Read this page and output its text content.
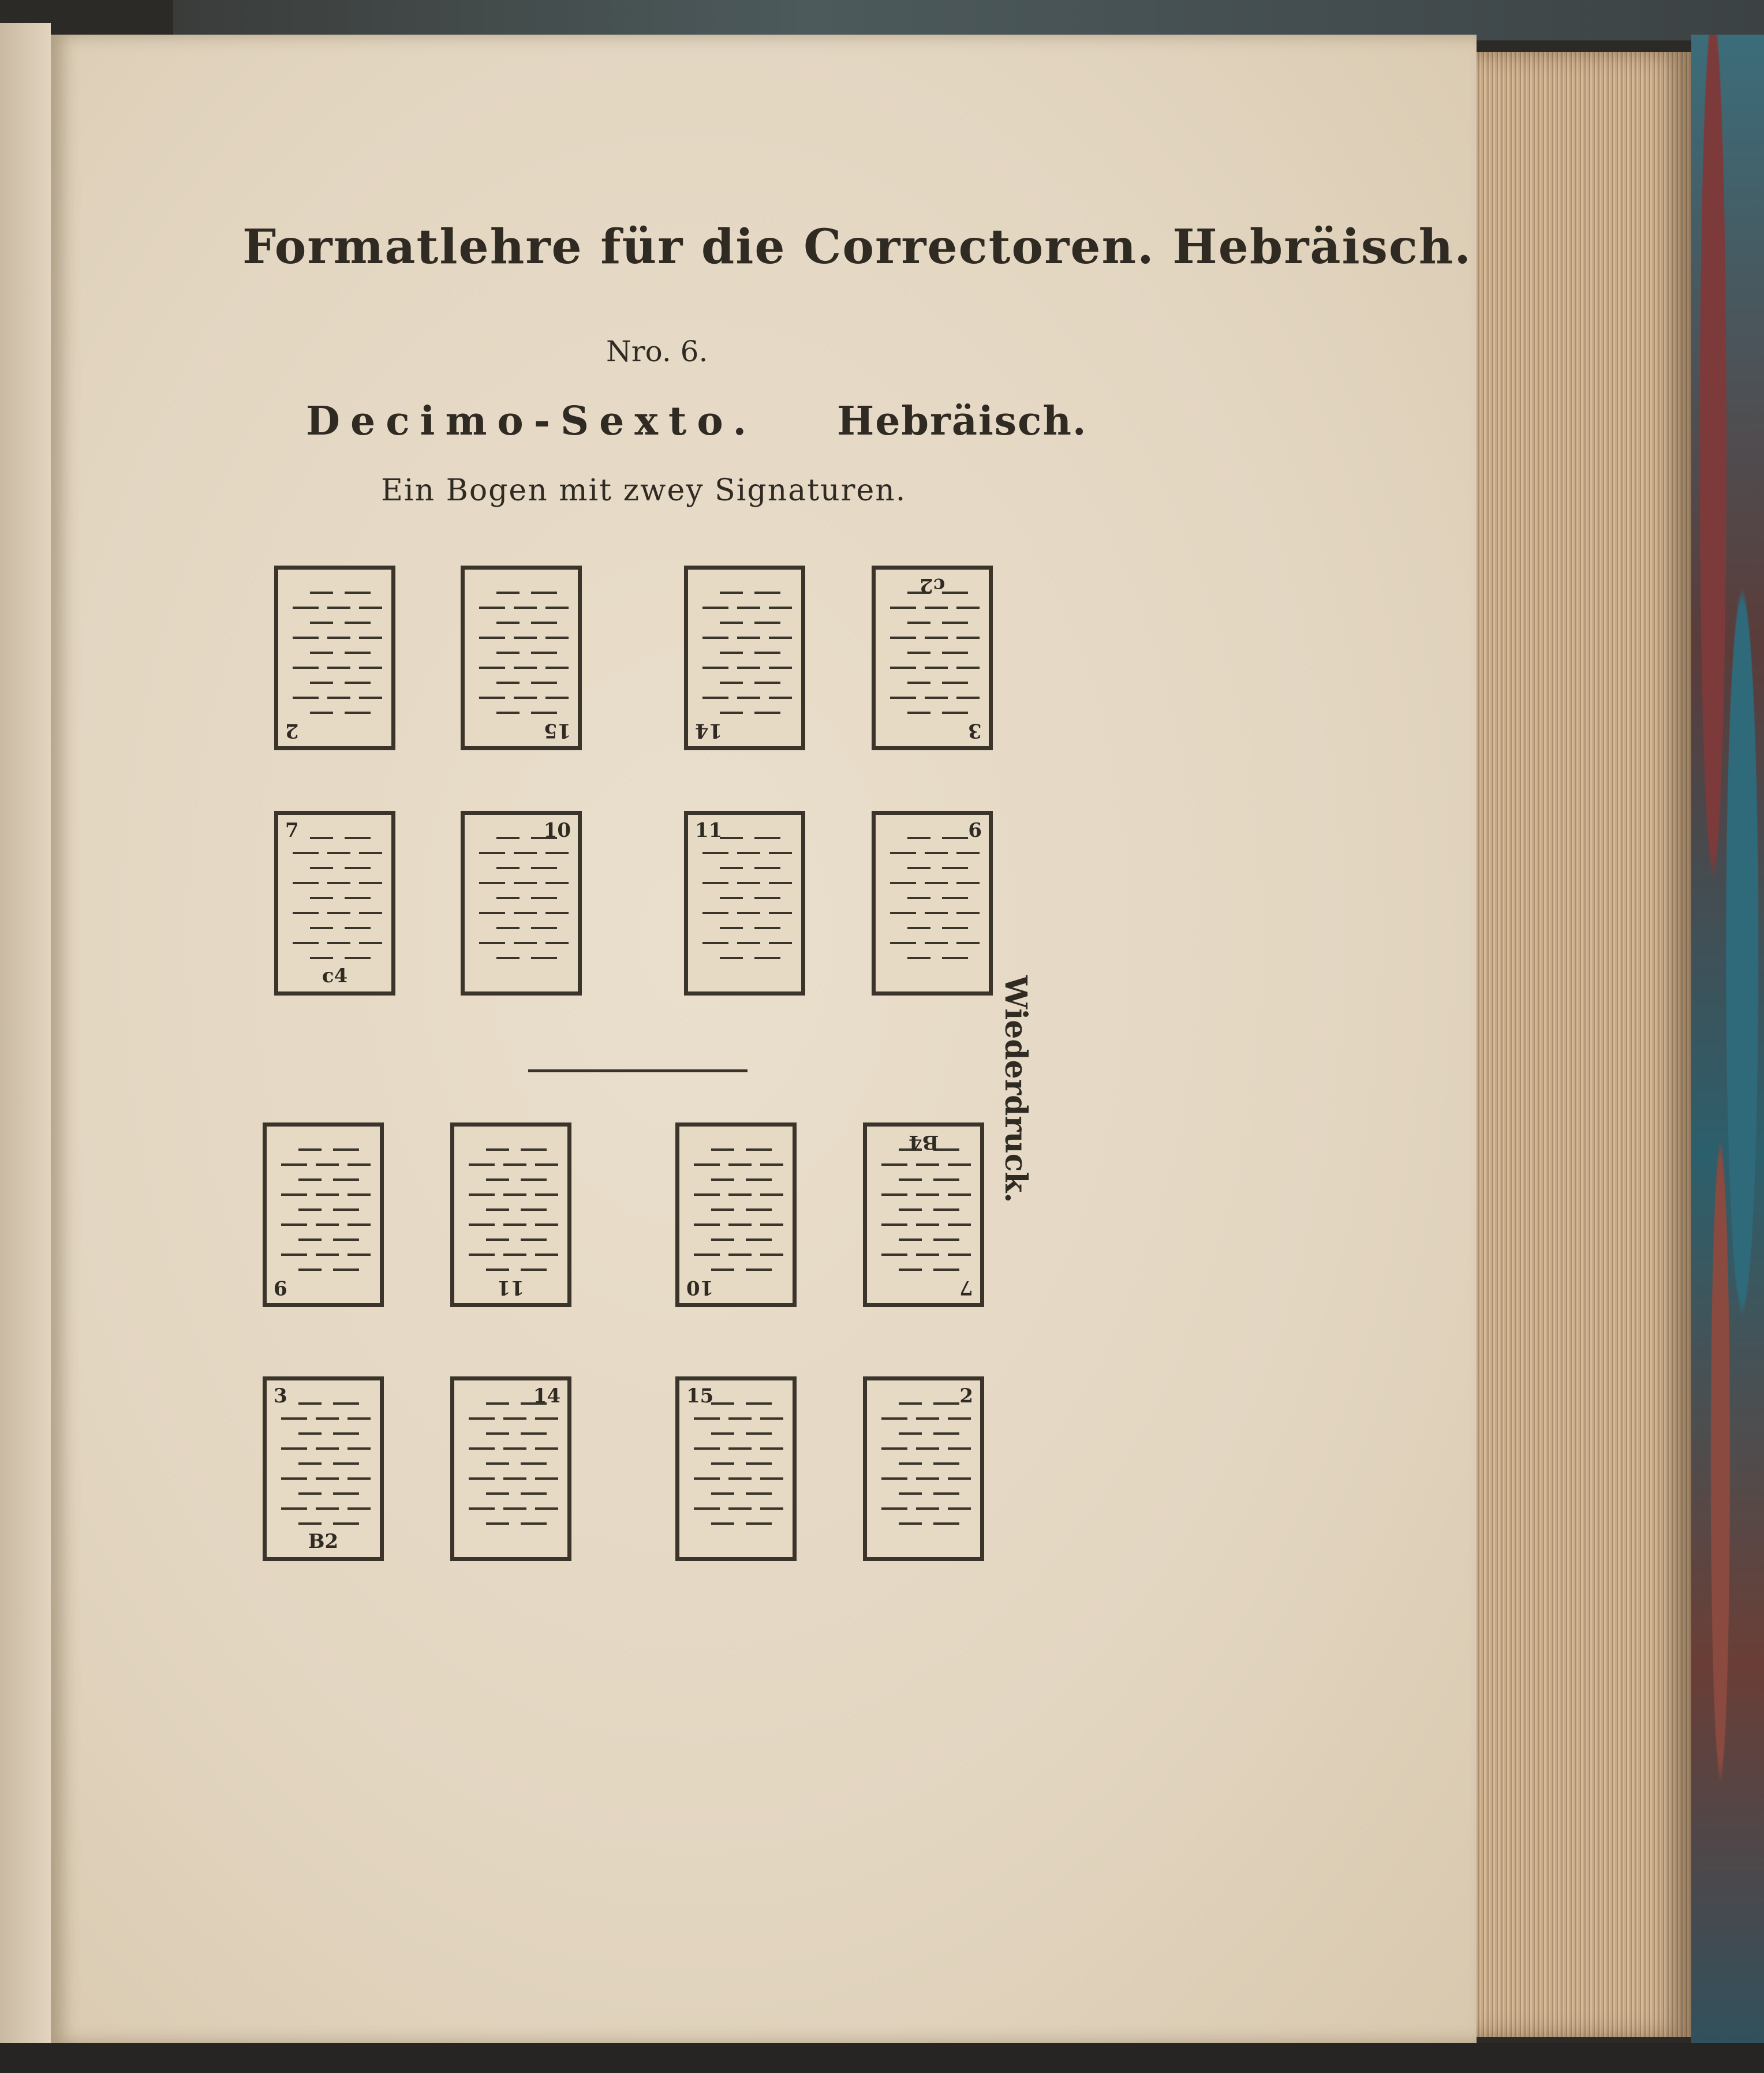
Formatlehre für die Correctoren. Hebräisch.
Nro. 6.
Decimo-Sexto. Hebräisch.
Ein Bogen mit zwey Signaturen.
Wiederdruck.
2	15	14
c2
3
7
c4
10	11	6
9	11	10
B4
7
3
B2
14	15	2
